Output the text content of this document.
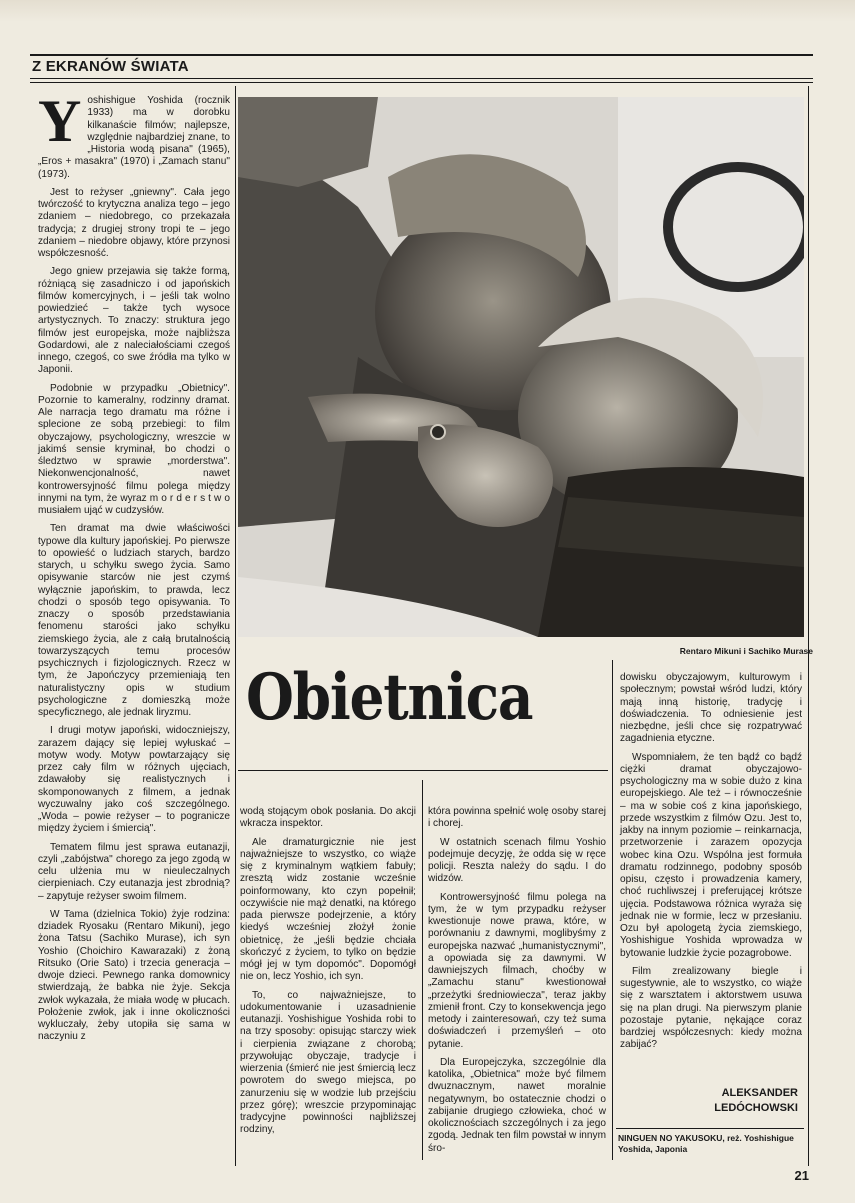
Z EKRANÓW ŚWIATA

Y oshishigue Yoshida (rocznik 1933) ma w dorobku kilkanaście filmów; najlepsze, względnie najbardziej znane, to „Historia wodą pisana" (1965), „Eros + masakra" (1970) i „Zamach stanu" (1973).

Jest to reżyser „gniewny". Cała jego twórczość to krytyczna analiza tego – jego zdaniem – niedobrego, co przekazała tradycja; z drugiej strony tropi te – jego zdaniem – niedobre objawy, które przynosi współczesność.

Jego gniew przejawia się także formą, różniącą się zasadniczo i od japońskich filmów komercyjnych, i – jeśli tak wolno powiedzieć – także tych wysoce artystycznych. To znaczy: struktura jego filmów jest europejska, może najbliższa Godardowi, ale z naleciałościami czegoś innego, czegoś, co swe źródła ma tylko w Japonii.

Podobnie w przypadku „Obietnicy". Pozornie to kameralny, rodzinny dramat. Ale narracja tego dramatu ma różne i splecione ze sobą przebiegi: to film obyczajowy, psychologiczny, wreszcie w jakimś sensie kryminał, bo chodzi o śledztwo w sprawie „morderstwa". Niekonwencjonalność, nawet kontrowersyjność filmu polega między innymi na tym, że wyraz m o r d e r s t w o musiałem ująć w cudzysłów.

Ten dramat ma dwie właściwości typowe dla kultury japońskiej. Po pierwsze to opowieść o ludziach starych, bardzo starych, u schyłku swego życia. Samo opisywanie starców nie jest czymś wyłącznie japońskim, to prawda, lecz chodzi o sposób tego opisywania. To znaczy o sposób przedstawiania fenomenu starości jako schyłku ziemskiego życia, ale z całą brutalnością towarzyszących temu procesów psychicznych i fizjologicznych. Rzecz w tym, że Japończycy przemieniają ten naturalistyczny opis w studium psychologiczne z domieszką może specyficznego, ale jednak liryzmu.

I drugi motyw japoński, widoczniejszy, zarazem dający się lepiej wyłuskać – motyw wody. Motyw powtarzający się przez cały film w różnych ujęciach, zdawałoby się realistycznych i skomponowanych z filmem, a jednak wyczuwalny jako coś szczególnego. „Woda – powie reżyser – to pogranicze między życiem i śmiercią".

Tematem filmu jest sprawa eutanazji, czyli „zabójstwa" chorego za jego zgodą w celu ulżenia mu w nieuleczalnych cierpieniach. Czy eutanazja jest zbrodnią? – zapytuje reżyser swoim filmem.

W Tama (dzielnica Tokio) żyje rodzina: dziadek Ryosaku (Rentaro Mikuni), jego żona Tatsu (Sachiko Murase), ich syn Yoshio (Choichiro Kawarazaki) z żoną Ritsuko (Orie Sato) i trzecia generacja – dwoje dzieci. Pewnego ranka domownicy stwierdzają, że babka nie żyje. Sekcja zwłok wykazała, że miała wodę w płucach. Położenie zwłok, jak i inne okoliczności wykluczały, żeby utopiła się sama w naczyniu z

Rentaro Mikuni i Sachiko Murase
Obietnica

wodą stojącym obok posłania. Do akcji wkracza inspektor.

Ale dramaturgicznie nie jest najważniejsze to wszystko, co wiąże się z kryminalnym wątkiem fabuły; zresztą widz zostanie wcześnie poinformowany, kto czyn popełnił; oczywiście nie mąż denatki, na którego pada pierwsze podejrzenie, a który kiedyś wcześniej złożył żonie obietnicę, że „jeśli będzie chciała skończyć z życiem, to tylko on będzie mógł jej w tym dopomóc". Dopomógł nie on, lecz Yoshio, ich syn.

To, co najważniejsze, to udokumentowanie i uzasadnienie eutanazji. Yoshishigue Yoshida robi to na trzy sposoby: opisując starczy wiek i cierpienia związane z chorobą; przywołując obyczaje, tradycje i wierzenia (śmierć nie jest śmiercią lecz powrotem do swego miejsca, po zanurzeniu się w wodzie lub przejściu przez górę); wreszcie przypominając tradycyjne powinności najbliższej rodziny,

która powinna spełnić wolę osoby starej i chorej.

W ostatnich scenach filmu Yoshio podejmuje decyzję, że odda się w ręce policji. Reszta należy do sądu. I do widzów.

Kontrowersyjność filmu polega na tym, że w tym przypadku reżyser kwestionuje nowe prawa, które, w porównaniu z dawnymi, moglibyśmy z europejska nazwać „humanistycznymi", a opowiada się za dawnymi. W dawniejszych filmach, choćby w „Zamachu stanu" kwestionował „przeżytki średniowiecza", teraz jakby zmienił front. Czy to konsekwencja jego metody i zainteresowań, czy też suma doświadczeń i przemyśleń – oto pytanie.

Dla Europejczyka, szczególnie dla katolika, „Obietnica" może być filmem dwuznacznym, nawet moralnie negatywnym, bo ostatecznie chodzi o zabijanie drugiego człowieka, choć w okolicznościach szczególnych i za jego zgodą. Jednak ten film powstał w innym śro-

dowisku obyczajowym, kulturowym i społecznym; powstał wśród ludzi, który mają inną historię, tradycję i doświadczenia. To odniesienie jest niezbędne, jeśli chce się rozpatrywać zagadnienia etyczne.

Wspomniałem, że ten bądź co bądź ciężki dramat obyczajowo-psychologiczny ma w sobie dużo z kina europejskiego. Ale też – i równocześnie – ma w sobie coś z kina japońskiego, przede wszystkim z filmów Ozu. Jest to, jakby na innym poziomie – reinkarnacja, przetworzenie i zarazem opozycja wobec kina Ozu. Wspólna jest formuła dramatu rodzinnego, podobny sposób opisu, często i prowadzenia kamery, choć ruchliwszej i preferującej krótsze ujęcia. Podstawowa różnica wyraża się jednak nie w formie, lecz w przesłaniu. Ozu był apologetą życia ziemskiego, Yoshishigue Yoshida wprowadza w bytowanie ludzkie życie pozagrobowe.

Film zrealizowany biegle i sugestywnie, ale to wszystko, co wiąże się z warsztatem i aktorstwem usuwa się na plan drugi. Na pierwszym planie pozostaje pytanie, nękające coraz bardziej współczesnych: kiedy można zabijać?

ALEKSANDER
LEDÓCHOWSKI
NINGUEN NO YAKUSOKU, reż. Yoshishigue Yoshida, Japonia
21
